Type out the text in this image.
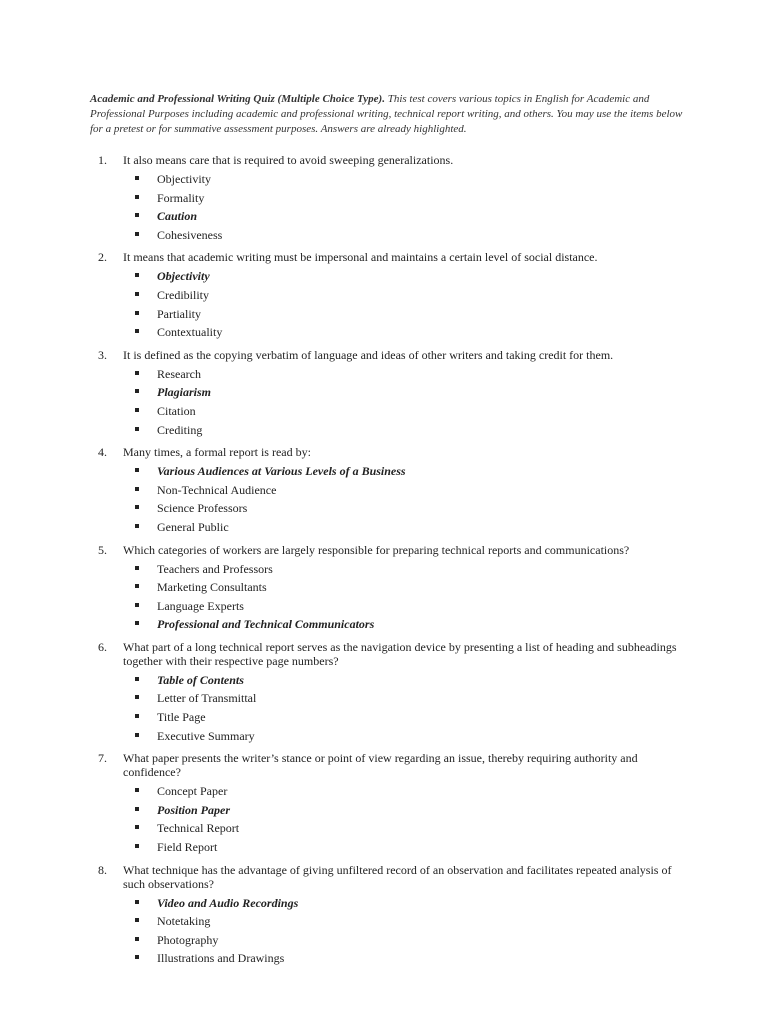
Academic and Professional Writing Quiz (Multiple Choice Type). This test covers various topics in English for Academic and Professional Purposes including academic and professional writing, technical report writing, and others. You may use the items below for a pretest or for summative assessment purposes. Answers are already highlighted.
1.	It also means care that is required to avoid sweeping generalizations.
Objectivity
Formality
Caution
Cohesiveness
2.	It means that academic writing must be impersonal and maintains a certain level of social distance.
Objectivity
Credibility
Partiality
Contextuality
3.	It is defined as the copying verbatim of language and ideas of other writers and taking credit for them.
Research
Plagiarism
Citation
Crediting
4.	Many times, a formal report is read by:
Various Audiences at Various Levels of a Business
Non-Technical Audience
Science Professors
General Public
5.	Which categories of workers are largely responsible for preparing technical reports and communications?
Teachers and Professors
Marketing Consultants
Language Experts
Professional and Technical Communicators
6.	What part of a long technical report serves as the navigation device by presenting a list of heading and subheadings together with their respective page numbers?
Table of Contents
Letter of Transmittal
Title Page
Executive Summary
7.	What paper presents the writer’s stance or point of view regarding an issue, thereby requiring authority and confidence?
Concept Paper
Position Paper
Technical Report
Field Report
8.	What technique has the advantage of giving unfiltered record of an observation and facilitates repeated analysis of such observations?
Video and Audio Recordings
Notetaking
Photography
Illustrations and Drawings
